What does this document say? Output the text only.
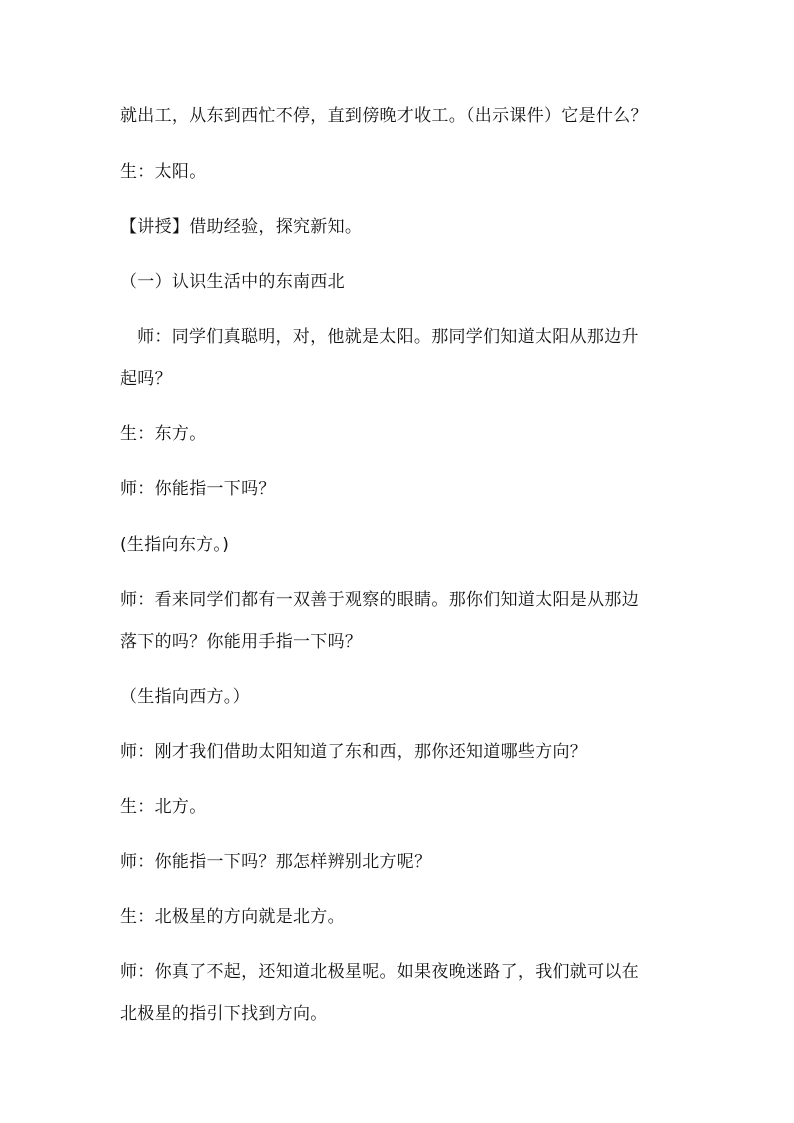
就出工，从东到西忙不停，直到傍晚才收工。（出示课件）它是什么？
生：太阳。
【讲授】借助经验，探究新知。
（一）认识生活中的东南西北
师：同学们真聪明，对，他就是太阳。那同学们知道太阳从那边升
起吗？
生：东方。
师：你能指一下吗？
(生指向东方。)
师：看来同学们都有一双善于观察的眼睛。那你们知道太阳是从那边
落下的吗？你能用手指一下吗？
（生指向西方。）
师：刚才我们借助太阳知道了东和西，那你还知道哪些方向？
生：北方。
师：你能指一下吗？那怎样辨别北方呢？
生：北极星的方向就是北方。
师：你真了不起，还知道北极星呢。如果夜晚迷路了，我们就可以在
北极星的指引下找到方向。
